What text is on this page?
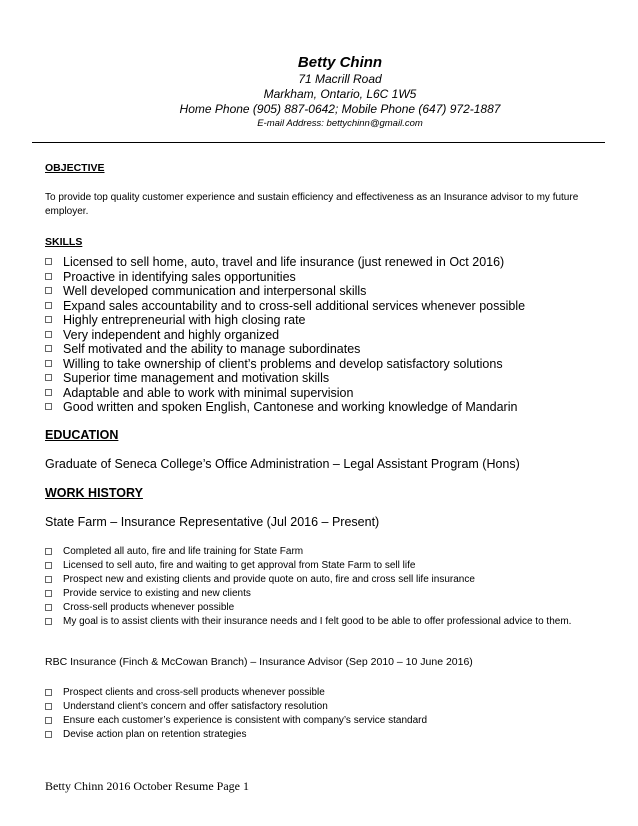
Betty Chinn
71 Macrill Road
Markham, Ontario, L6C 1W5
Home Phone (905) 887-0642; Mobile Phone (647) 972-1887
E-mail Address: bettychinn@gmail.com
OBJECTIVE
To provide top quality customer experience and sustain efficiency and effectiveness as an Insurance advisor to my future employer.
SKILLS
Licensed to sell home, auto, travel and life insurance (just renewed in Oct 2016)
Proactive in identifying sales opportunities
Well developed communication and interpersonal skills
Expand sales accountability and to cross-sell additional services whenever possible
Highly entrepreneurial with high closing rate
Very independent and highly organized
Self motivated and the ability to manage subordinates
Willing to take ownership of client’s problems and develop satisfactory solutions
Superior time management and motivation skills
Adaptable and able to work with minimal supervision
Good written and spoken English, Cantonese and working knowledge of Mandarin
EDUCATION
Graduate of Seneca College’s Office Administration – Legal Assistant Program (Hons)
WORK HISTORY
State Farm – Insurance Representative (Jul 2016 – Present)
Completed all auto, fire and life training for State Farm
Licensed to sell auto, fire and waiting to get approval from State Farm to sell life
Prospect new and existing clients and provide quote on auto, fire and cross sell life insurance
Provide service to existing and new clients
Cross-sell products whenever possible
My goal is to assist clients with their insurance needs and I felt good to be able to offer professional advice to them.
RBC Insurance (Finch & McCowan Branch) – Insurance Advisor (Sep 2010 – 10 June 2016)
Prospect clients and cross-sell products whenever possible
Understand client’s concern and offer satisfactory resolution
Ensure each customer’s experience is consistent with company’s service standard
Devise action plan on retention strategies
Betty Chinn 2016 October Resume Page 1
